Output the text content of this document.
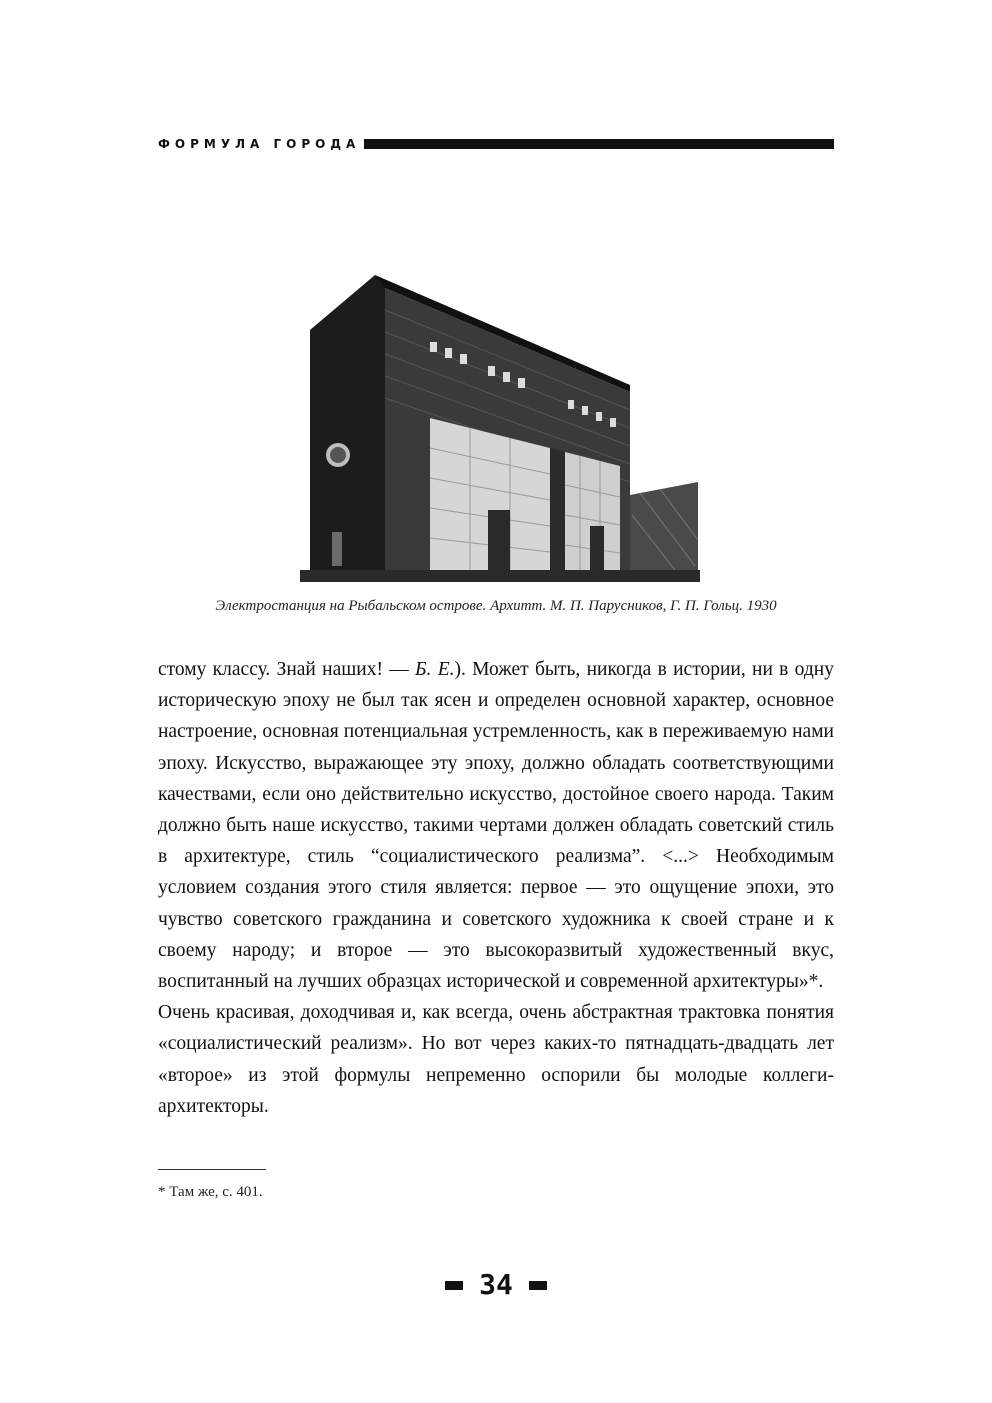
ФОРМУЛА ГОРОДА
Электростанция на Рыбальском острове. Архитт. М. П. Парусников, Г. П. Гольц. 1930

стому классу. Знай наших! — Б. Е.). Может быть, никогда в истории, ни в одну историческую эпоху не был так ясен и определен основной характер, основное настроение, основная потенциальная устремленность, как в переживаемую нами эпоху. Искусство, выражающее эту эпоху, должно обладать соответствующими качествами, если оно действительно искусство, достойное своего народа. Таким должно быть наше искусство, такими чертами должен обладать советский стиль в архитектуре, стиль “социалистического реализма”. <...> Необходимым условием создания этого стиля является: первое — это ощущение эпохи, это чувство советского гражданина и советского художника к своей стране и к своему народу; и второе — это высокоразвитый художественный вкус, воспитанный на лучших образцах исторической и современной архитектуры»*.

Очень красивая, доходчивая и, как всегда, очень абстрактная трактовка понятия «социалистический реализм». Но вот через каких-то пятнадцать-двадцать лет «второе» из этой формулы непременно оспорили бы молодые коллеги-архитекторы.

* Там же, с. 401.
34
